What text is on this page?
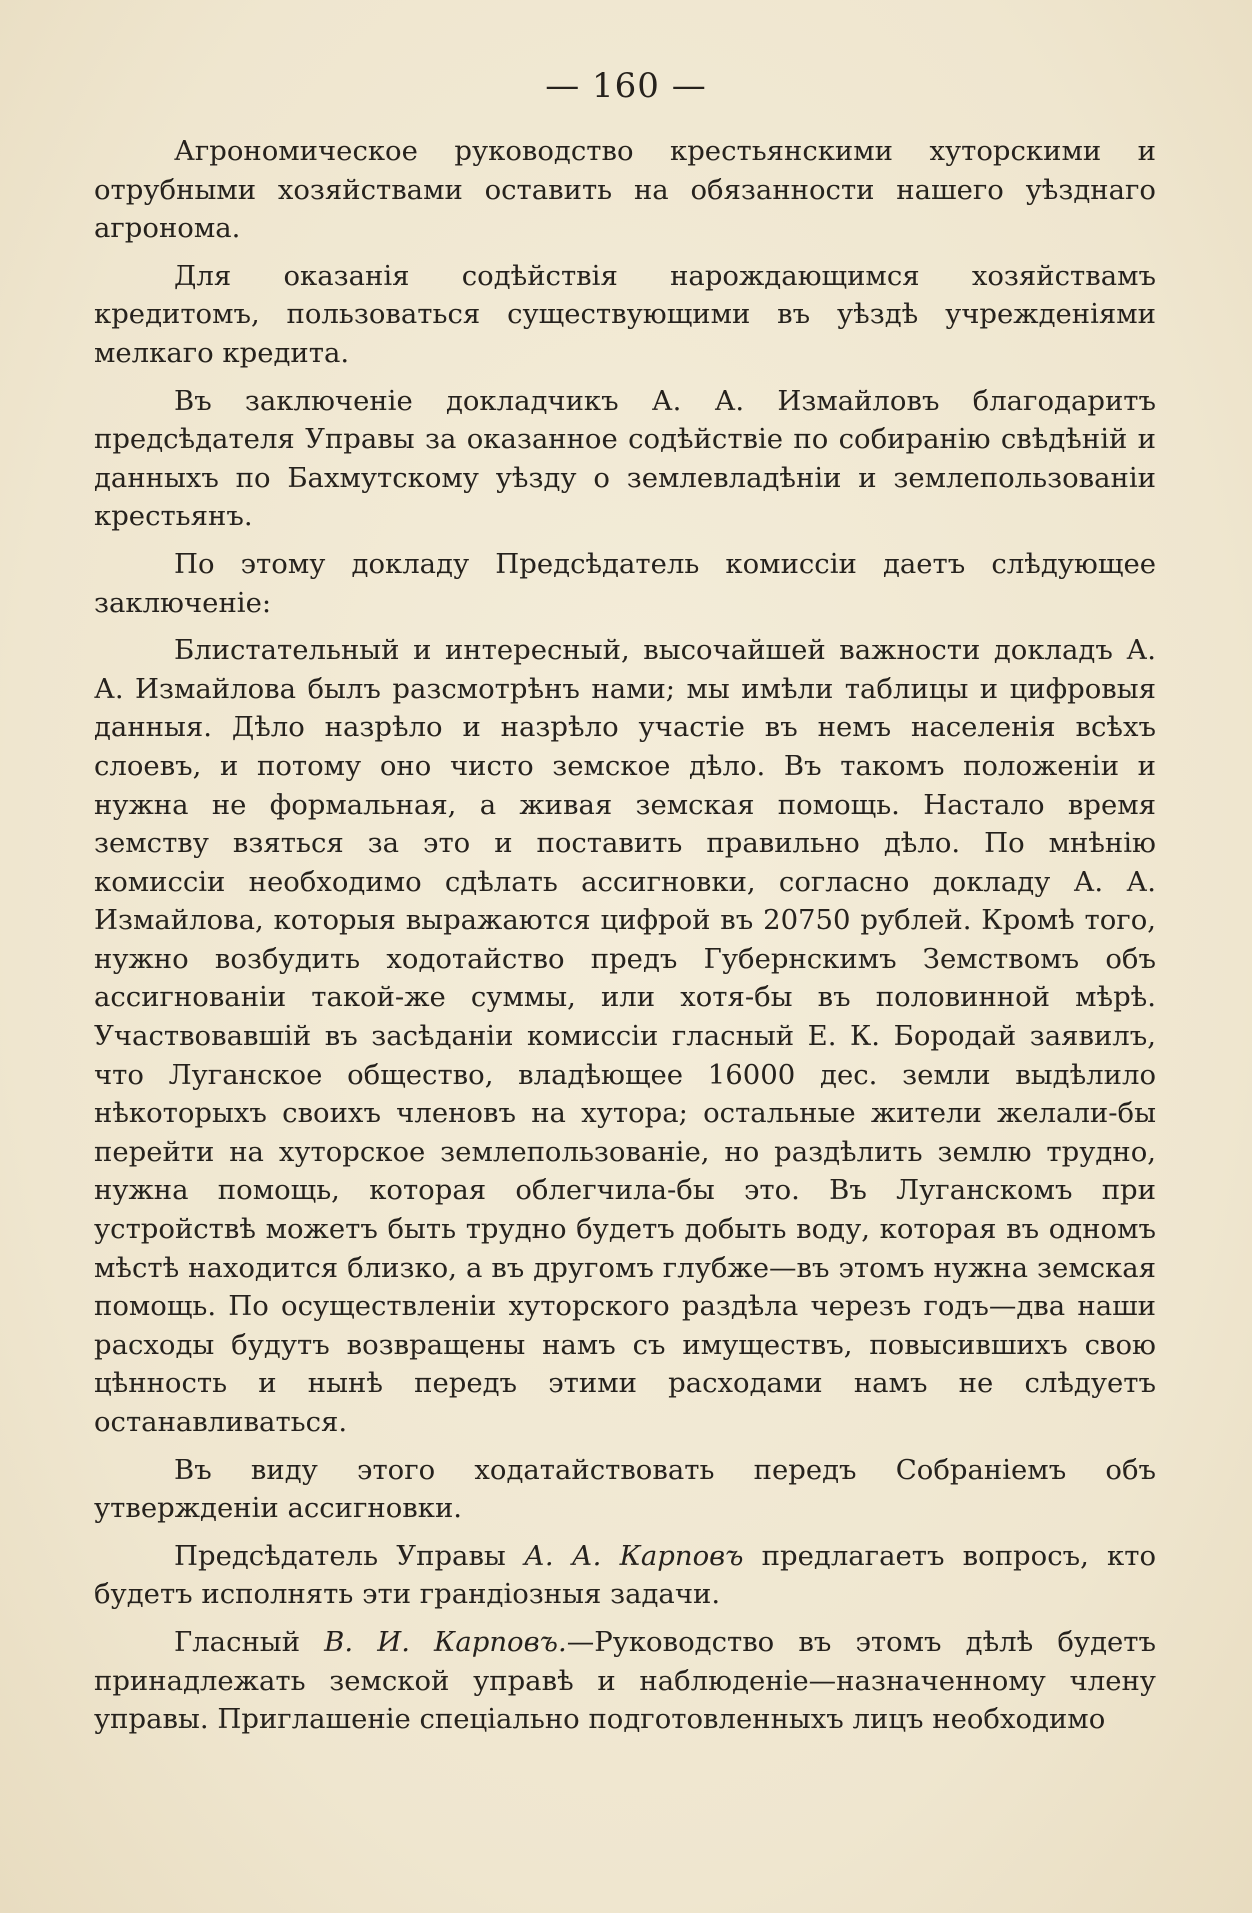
— 160 —

Агрономическое руководство крестьянскими хуторскими и отрубными хозяйствами оставить на обязанности нашего уѣзднаго агронома.

Для оказанія содѣйствія нарождающимся хозяйствамъ кредитомъ, пользоваться существующими въ уѣздѣ учрежденіями мелкаго кредита.

Въ заключеніе докладчикъ А. А. Измайловъ благодаритъ предсѣдателя Управы за оказанное содѣйствіе по собиранію свѣдѣній и данныхъ по Бахмутскому уѣзду о землевладѣніи и землепользованіи крестьянъ.

По этому докладу Предсѣдатель комиссіи даетъ слѣдующее заключеніе:

Блистательный и интересный, высочайшей важности докладъ А. А. Измайлова былъ разсмотрѣнъ нами; мы имѣли таблицы и цифровыя данныя. Дѣло назрѣло и назрѣло участіе въ немъ населенія всѣхъ слоевъ, и потому оно чисто земское дѣло. Въ такомъ положеніи и нужна не формальная, а живая земская помощь. Настало время земству взяться за это и поставить правильно дѣло. По мнѣнію комиссіи необходимо сдѣлать ассигновки, согласно докладу А. А. Измайлова, которыя выражаются цифрой въ 20750 рублей. Кромѣ того, нужно возбудить ходотайство предъ Губернскимъ Земствомъ объ ассигнованіи такой-же суммы, или хотя-бы въ половинной мѣрѣ. Участвовавшій въ засѣданіи комиссіи гласный Е. К. Бородай заявилъ, что Луганское общество, владѣющее 16000 дес. земли выдѣлило нѣкоторыхъ своихъ членовъ на хутора; остальные жители желали-бы перейти на хуторское землепользованіе, но раздѣлить землю трудно, нужна помощь, которая облегчила-бы это. Въ Луганскомъ при устройствѣ можетъ быть трудно будетъ добыть воду, которая въ одномъ мѣстѣ находится близко, а въ другомъ глубже—въ этомъ нужна земская помощь. По осуществленіи хуторского раздѣла черезъ годъ—два наши расходы будутъ возвращены намъ съ имуществъ, повысившихъ свою цѣнность и нынѣ передъ этими расходами намъ не слѣдуетъ останавливаться.

Въ виду этого ходатайствовать передъ Собраніемъ объ утвержденіи ассигновки.

Предсѣдатель Управы А. А. Карповъ предлагаетъ вопросъ, кто будетъ исполнять эти грандіозныя задачи.

Гласный В. И. Карповъ.—Руководство въ этомъ дѣлѣ будетъ принадлежать земской управѣ и наблюденіе—назначенному члену управы. Приглашеніе спеціально подготовленныхъ лицъ необходимо
